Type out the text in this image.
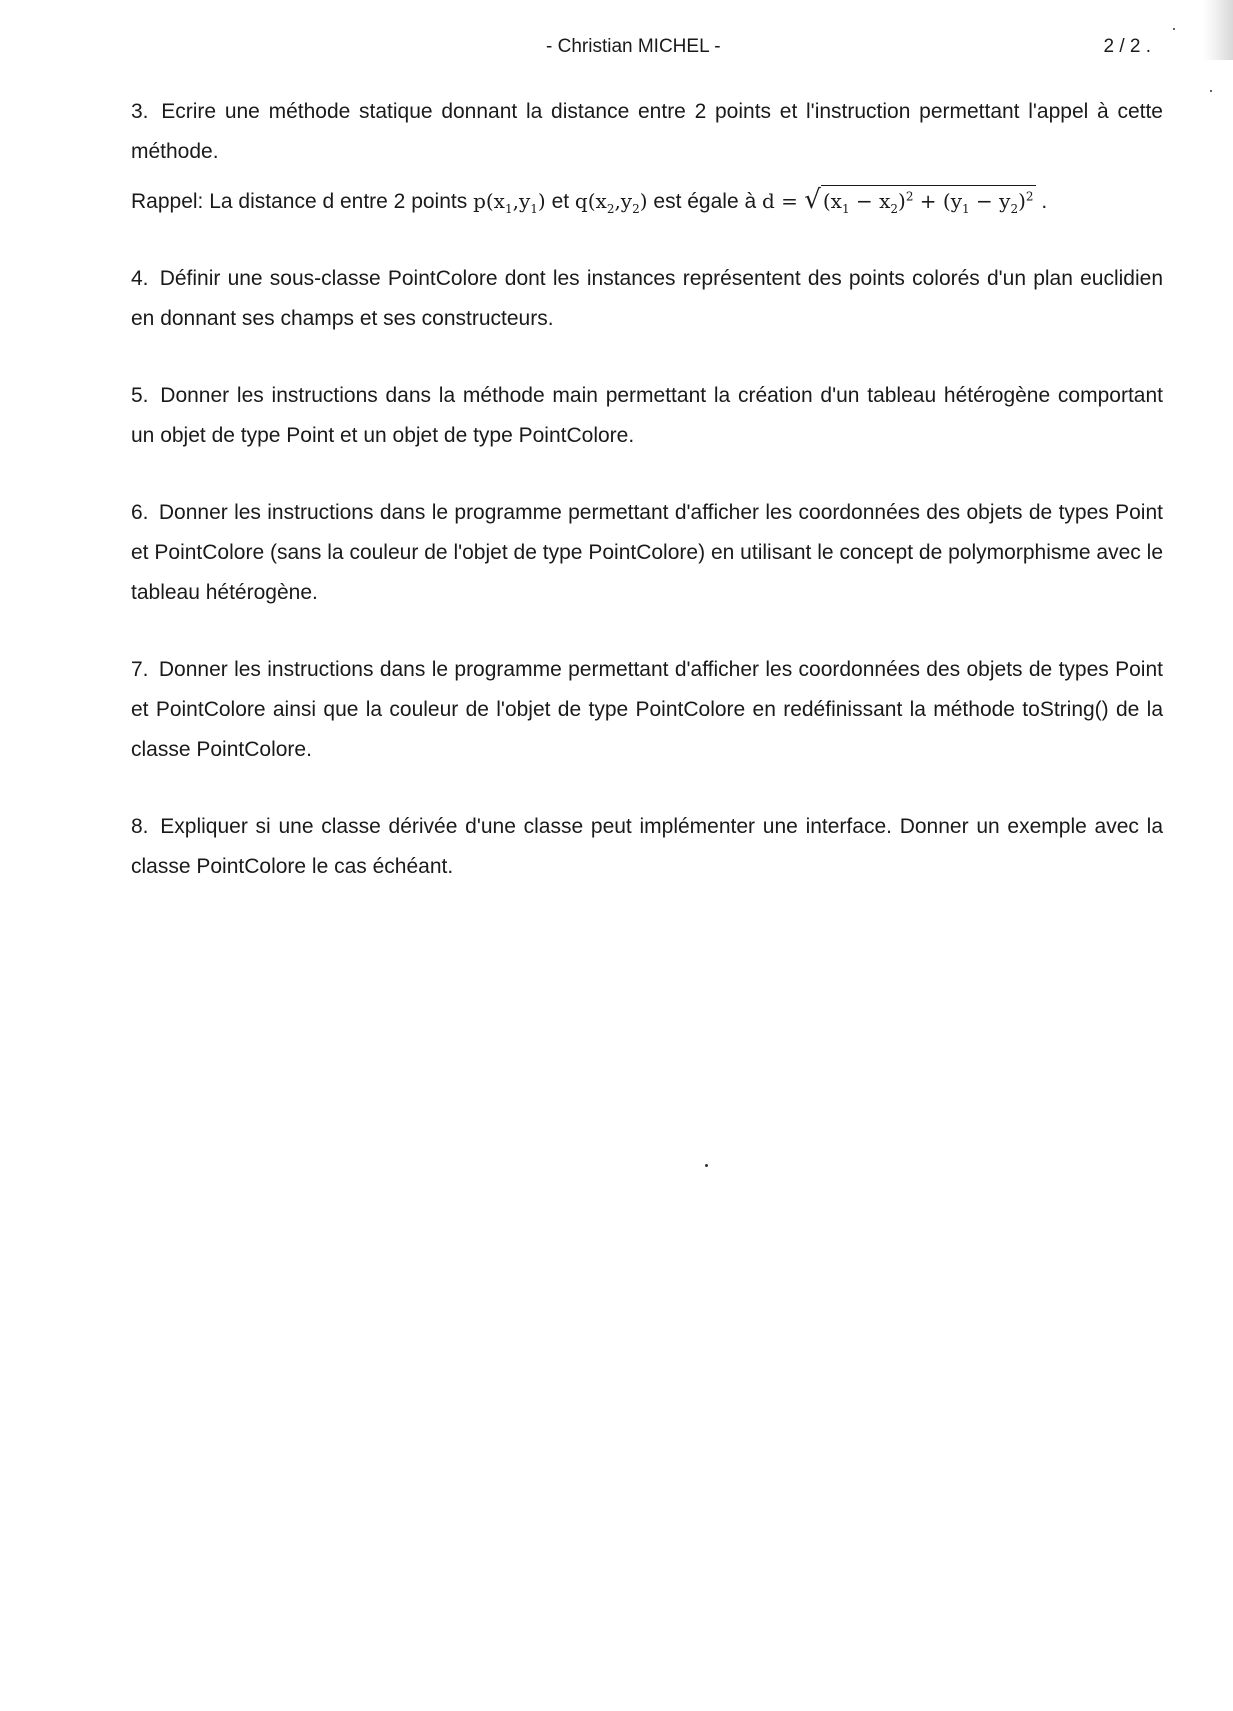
- Christian MICHEL -	2 / 2 .

3. Ecrire une méthode statique donnant la distance entre 2 points et l'instruction permettant l'appel à cette méthode.

Rappel: La distance d entre 2 points $p(x_1,y_1)$ et $q(x_2,y_2)$ est égale à d = √ $(x_1 - x_2)^2 + (y_1 - y_2)^2$ .

4. Définir une sous-classe PointColore dont les instances représentent des points colorés d'un plan euclidien en donnant ses champs et ses constructeurs.

5. Donner les instructions dans la méthode main permettant la création d'un tableau hétérogène comportant un objet de type Point et un objet de type PointColore.

6. Donner les instructions dans le programme permettant d'afficher les coordonnées des objets de types Point et PointColore (sans la couleur de l'objet de type PointColore) en utilisant le concept de polymorphisme avec le tableau hétérogène.

7. Donner les instructions dans le programme permettant d'afficher les coordonnées des objets de types Point et PointColore ainsi que la couleur de l'objet de type PointColore en redéfinissant la méthode toString() de la classe PointColore.

8. Expliquer si une classe dérivée d'une classe peut implémenter une interface. Donner un exemple avec la classe PointColore le cas échéant.
